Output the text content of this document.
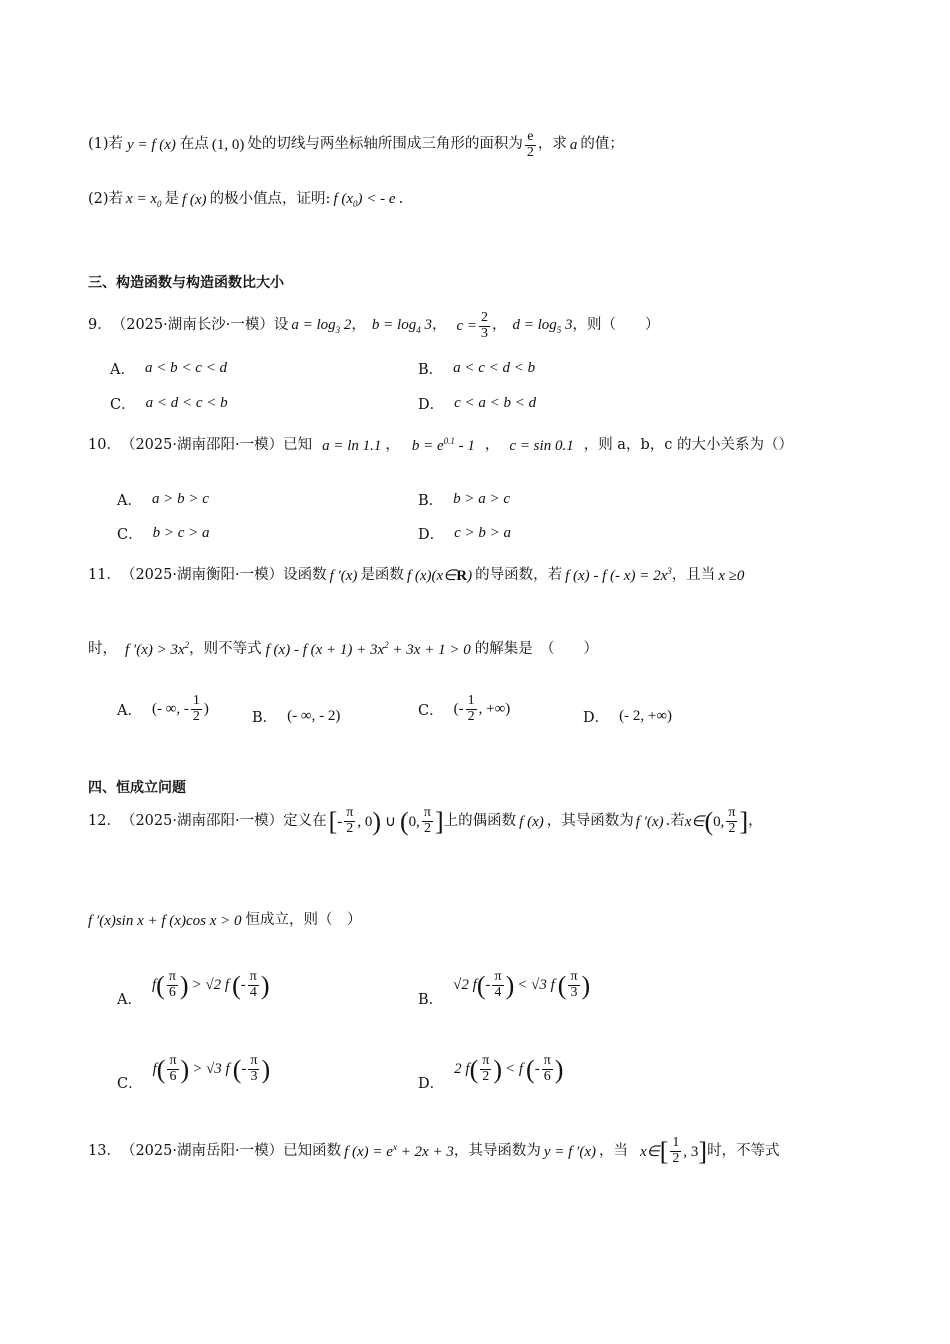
(1)若 y = f (x) 在点 (1, 0) 处的切线与两坐标轴所围成三角形的面积为 $\frac{e}{2}$ ，求 a 的值；
(2)若 $x = x_0$ 是 f (x) 的极小值点，证明: f $(x_0)$ < - e .
三、构造函数与构造函数比大小
9． （2025·湖南长沙·一模）设 $a = \log_3 2$ ， $b = \log_4 3$ ， $c = \frac{2}{3}$ ， $d = \log_5 3$ ，则（　　）
A． a < b < c < d	B． a < c < d < b
C． a < d < c < b	D． c < a < b < d
10． （2025·湖南邵阳·一模）已知 a = ln 1.1 ， $b = e^{0.1} - 1$ ， c = sin 0.1 ，则 a，b，c 的大小关系为（）
A． a > b > c	B． b > a > c
C． b > c > a	D． c > b > a
11． （2025·湖南衡阳·一模）设函数 f ′(x) 是函数 f (x)(x∈ R ) 的导函数，若 f (x) - f (- $x) = 2x^3$ ，且当 x ≥0
时， f $'(x) > 3x^2$ ，则不等式 f (x) - f $(x + 1) + 3x^2 + 3x + 1 > 0$ 的解集是　（　　）
A． (- ∞, - $\frac{1}{2}$ )
B． (- ∞, - 2)	C． (- $\frac{1}{2}$ , +∞)
D． (- 2, +∞)
四、恒成立问题
12． （2025·湖南邵阳·一模）定义在 [ - $\frac{\pi}{2}$ , 0 ) ∪ ( 0, $\frac{\pi}{2}$ ] 上的偶函数 f (x) ，其导函数为 f ′(x) .若 x∈ ( 0, $\frac{\pi}{2}$ ] ，
f ′(x)sin x + f (x)cos x > 0 恒成立，则（　）
A．
f ( $\frac{\pi}{6}$ ) > √2 f ( - $\frac{\pi}{4}$ )
B．
√2 f ( - $\frac{\pi}{4}$ ) < √3 f ( $\frac{\pi}{3}$ )
C．
f ( $\frac{\pi}{6}$ ) > √3 f ( - $\frac{\pi}{3}$ )
D．
2 f ( $\frac{\pi}{2}$ ) < f ( - $\frac{\pi}{6}$ )
13． （2025·湖南岳阳·一模）已知函数 f $(x) = e^x + 2x + 3$ ，其导函数为 y = f ′(x) ，当 x∈ [ $\frac{1}{2}$ , 3 ] 时，不等式
